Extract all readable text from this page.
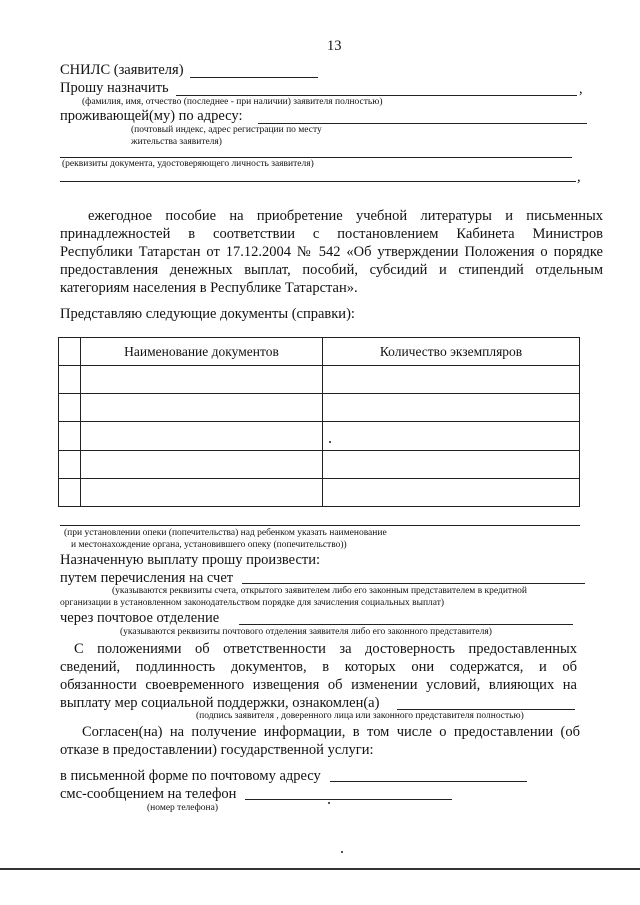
13
СНИЛС (заявителя)
Прошу назначить	,
(фамилия, имя, отчество (последнее - при наличии) заявителя полностью)
проживающей(му) по адресу:
(почтовый индекс, адрес регистрации по месту
жительства заявителя)
(реквизиты документа, удостоверяющего личность заявителя)
,
ежегодное пособие на приобретение учебной литературы и письменных
принадлежностей в соответствии с постановлением Кабинета Министров
Республики Татарстан от 17.12.2004 № 542 «Об утверждении Положения о порядке
предоставления денежных выплат, пособий, субсидий и стипендий отдельным
категориям населения в Республике Татарстан».
Представляю следующие документы (справки):
	Наименование документов	Количество экземпляров

(при установлении опеки (попечительства) над ребенком указать наименование
и местонахождение органа, установившего опеку (попечительство))
Назначенную выплату прошу произвести:
путем перечисления на счет
(указываются реквизиты счета, открытого заявителем либо его законным представителем в кредитной
организации в установленном законодательством порядке для зачисления социальных выплат)
через почтовое отделение
(указываются реквизиты почтового отделения заявителя либо его законного представителя)
С положениями об ответственности за достоверность предоставленных
сведений, подлинность документов, в которых они содержатся, и об
обязанности своевременного извещения об изменении условий, влияющих на
выплату мер социальной поддержки, ознакомлен(а)
(подпись заявителя , доверенного лица или законного представителя полностью)
Согласен(на) на получение информации, в том числе о предоставлении (об
отказе в предоставлении) государственной услуги:
в письменной форме по почтовому адресу
смс-сообщением на телефон
(номер телефона)
